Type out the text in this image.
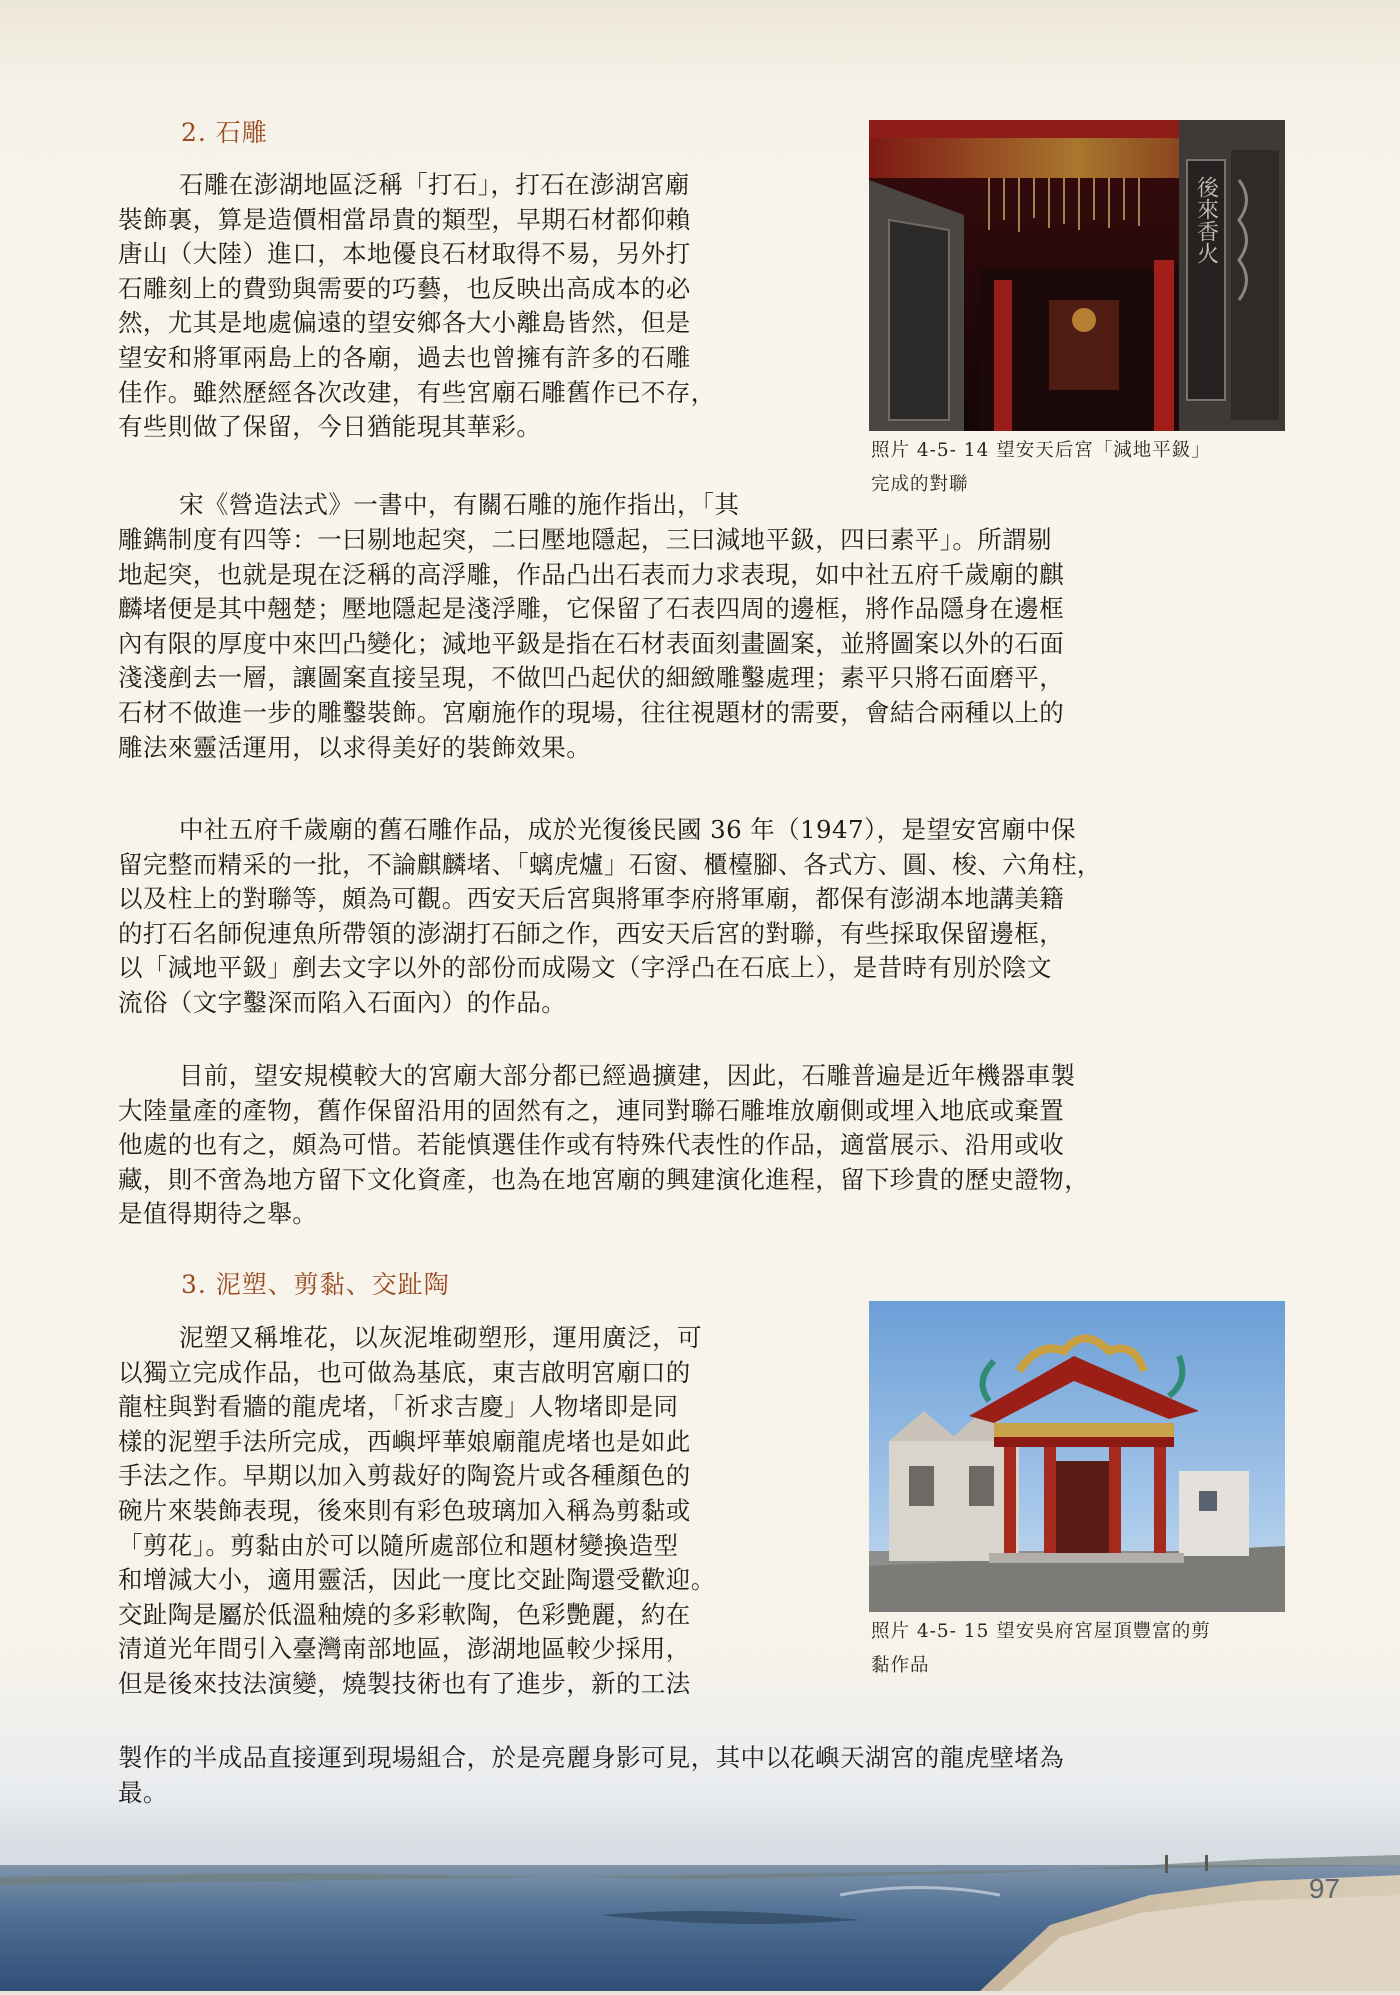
2. 石雕

石雕在澎湖地區泛稱「打石」，打石在澎湖宮廟
裝飾裏，算是造價相當昂貴的類型，早期石材都仰賴
唐山（大陸）進口，本地優良石材取得不易，另外打
石雕刻上的費勁與需要的巧藝，也反映出高成本的必
然，尤其是地處偏遠的望安鄉各大小離島皆然，但是
望安和將軍兩島上的各廟，過去也曾擁有許多的石雕
佳作。雖然歷經各次改建，有些宮廟石雕舊作已不存，
有些則做了保留，今日猶能現其華彩。

後來香火
照片 4-5- 14 望安天后宮「減地平鈒」
完成的對聯

宋《營造法式》一書中，有關石雕的施作指出，「其

雕鐫制度有四等：一曰剔地起突，二曰壓地隱起，三曰減地平鈒，四曰素平」。所謂剔
地起突，也就是現在泛稱的高浮雕，作品凸出石表而力求表現，如中社五府千歲廟的麒
麟堵便是其中翹楚；壓地隱起是淺浮雕，它保留了石表四周的邊框，將作品隱身在邊框
內有限的厚度中來凹凸變化；減地平鈒是指在石材表面刻畫圖案，並將圖案以外的石面
淺淺剷去一層，讓圖案直接呈現，不做凹凸起伏的細緻雕鑿處理；素平只將石面磨平，
石材不做進一步的雕鑿裝飾。宮廟施作的現場，往往視題材的需要，會結合兩種以上的
雕法來靈活運用，以求得美好的裝飾效果。

中社五府千歲廟的舊石雕作品，成於光復後民國 36 年（1947），是望安宮廟中保
留完整而精采的一批，不論麒麟堵、「螭虎爐」石窗、櫃檯腳、各式方、圓、梭、六角柱，
以及柱上的對聯等，頗為可觀。西安天后宮與將軍李府將軍廟，都保有澎湖本地講美籍
的打石名師倪連魚所帶領的澎湖打石師之作，西安天后宮的對聯，有些採取保留邊框，
以「減地平鈒」剷去文字以外的部份而成陽文（字浮凸在石底上），是昔時有別於陰文
流俗（文字鑿深而陷入石面內）的作品。

目前，望安規模較大的宮廟大部分都已經過擴建，因此，石雕普遍是近年機器車製
大陸量產的產物，舊作保留沿用的固然有之，連同對聯石雕堆放廟側或埋入地底或棄置
他處的也有之，頗為可惜。若能慎選佳作或有特殊代表性的作品，適當展示、沿用或收
藏，則不啻為地方留下文化資產，也為在地宮廟的興建演化進程，留下珍貴的歷史證物，
是值得期待之舉。

3. 泥塑、剪黏、交趾陶

泥塑又稱堆花，以灰泥堆砌塑形，運用廣泛，可
以獨立完成作品，也可做為基底，東吉啟明宮廟口的
龍柱與對看牆的龍虎堵，「祈求吉慶」人物堵即是同
樣的泥塑手法所完成，西嶼坪華娘廟龍虎堵也是如此
手法之作。早期以加入剪裁好的陶瓷片或各種顏色的
碗片來裝飾表現，後來則有彩色玻璃加入稱為剪黏或
「剪花」。剪黏由於可以隨所處部位和題材變換造型
和增減大小，適用靈活，因此一度比交趾陶還受歡迎。
交趾陶是屬於低溫釉燒的多彩軟陶，色彩艷麗，約在
清道光年間引入臺灣南部地區，澎湖地區較少採用，
但是後來技法演變，燒製技術也有了進步，新的工法

製作的半成品直接運到現場組合，於是亮麗身影可見，其中以花嶼天湖宮的龍虎壁堵為
最。

照片 4-5- 15 望安吳府宮屋頂豐富的剪
黏作品
97
